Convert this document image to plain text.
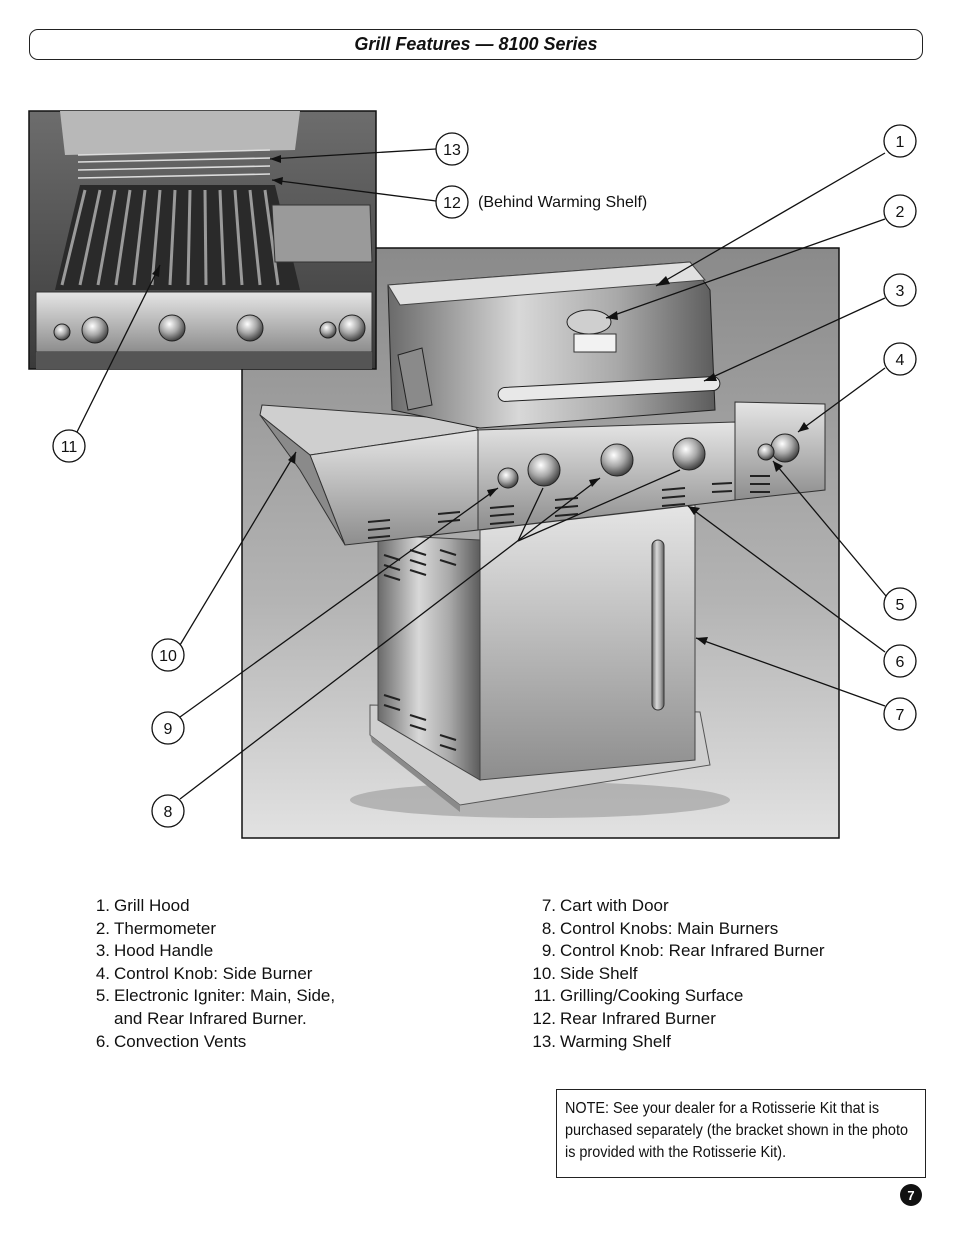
Grill Features — 8100 Series
1
2
3
4
5
6
7
8
9
10
11
12
13
(Behind Warming Shelf)
1. Grill Hood
2. Thermometer
3. Hood Handle
4. Control Knob: Side Burner
5. Electronic Igniter: Main, Side,
and Rear Infrared Burner.
6. Convection Vents
7. Cart with Door
8. Control Knobs: Main Burners
9. Control Knob: Rear Infrared Burner
10. Side Shelf
11. Grilling/Cooking Surface
12. Rear Infrared Burner
13. Warming Shelf
NOTE: See your dealer for a Rotisserie Kit that is purchased separately (the bracket shown in the photo is provided with the Rotisserie Kit).
7
